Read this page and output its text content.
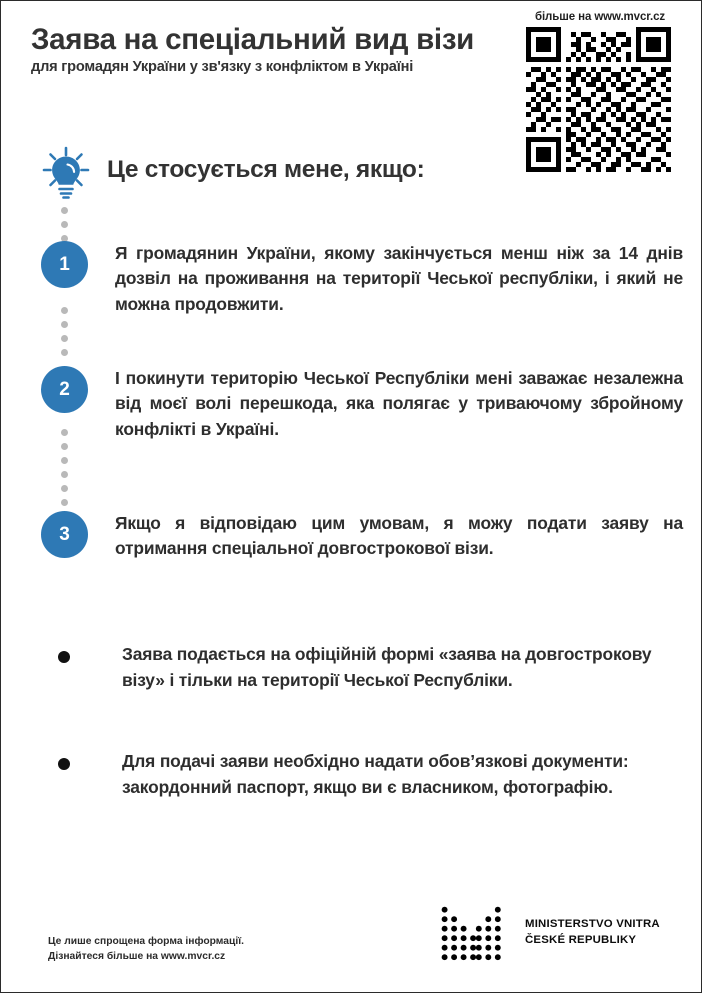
Заява на спеціальний вид візи
для громадян України у зв'язку з конфліктом в Україні
більше на www.mvcr.cz
Це стосується мене, якщо:
1
Я громадянин України, якому закінчується менш ніж за 14 днів дозвіл на проживання на території Чеської республіки, і який не можна продовжити.
2
І покинути територію Чеської Республіки мені заважає незалежна від моєї волі перешкода, яка полягає у триваючому збройному конфлікті в Україні.
3
Якщо я відповідаю цим умовам, я можу подати заяву на отримання спеціальної довгострокової візи.
Заява подається на офіційній формі «заява на довгострокову візу» і тільки на території Чеської Республіки.
Для подачі заяви необхідно надати обов’язкові документи: закордонний паспорт, якщо ви є власником, фотографію.
Це лише спрощена форма інформації.
Дізнайтеся більше на www.mvcr.cz
MINISTERSTVO VNITRA
ČESKÉ REPUBLIKY
